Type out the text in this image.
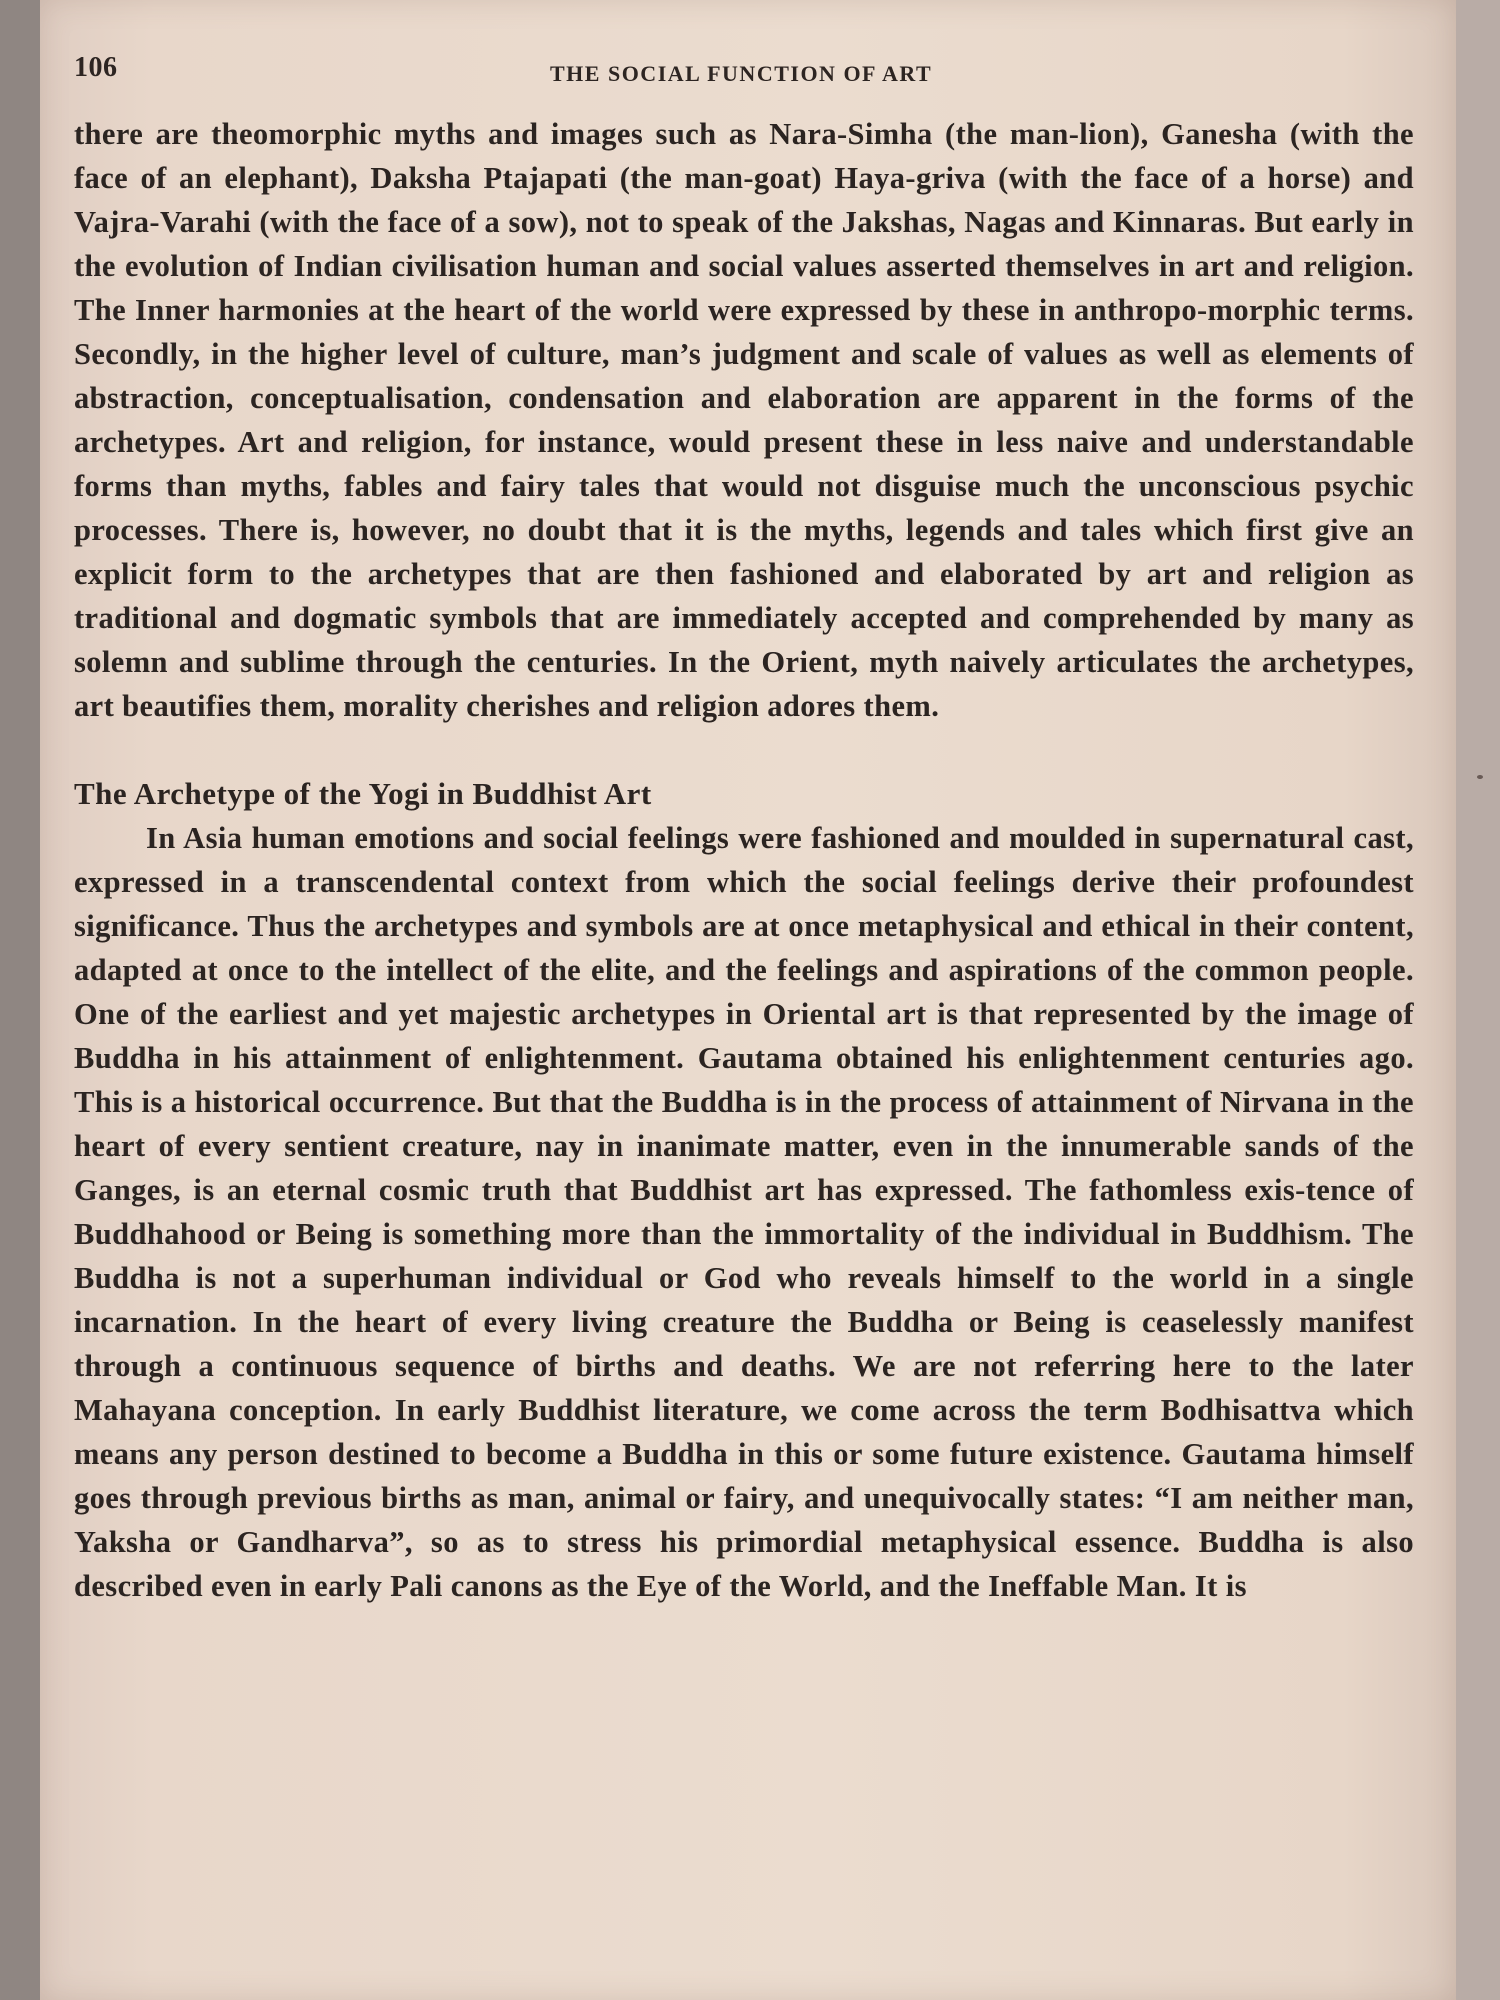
106	THE SOCIAL FUNCTION OF ART

there are theomorphic myths and images such as Nara-Simha (the man-lion), Ganesha (with the face of an elephant), Daksha Ptajapati (the man-goat) Haya-griva (with the face of a horse) and Vajra-Varahi (with the face of a sow), not to speak of the Jakshas, Nagas and Kinnaras. But early in the evolution of Indian civilisation human and social values asserted themselves in art and religion. The Inner harmonies at the heart of the world were expressed by these in anthropo-morphic terms. Secondly, in the higher level of culture, man’s judgment and scale of values as well as elements of abstraction, conceptualisation, condensation and elaboration are apparent in the forms of the archetypes. Art and religion, for instance, would present these in less naive and understandable forms than myths, fables and fairy tales that would not disguise much the unconscious psychic processes. There is, however, no doubt that it is the myths, legends and tales which first give an explicit form to the archetypes that are then fashioned and elaborated by art and religion as traditional and dogmatic symbols that are immediately accepted and comprehended by many as solemn and sublime through the centuries. In the Orient, myth naively articulates the archetypes, art beautifies them, morality cherishes and religion adores them.

The Archetype of the Yogi in Buddhist Art

In Asia human emotions and social feelings were fashioned and moulded in supernatural cast, expressed in a transcendental context from which the social feelings derive their profoundest significance. Thus the archetypes and symbols are at once metaphysical and ethical in their content, adapted at once to the intellect of the elite, and the feelings and aspirations of the common people. One of the earliest and yet majestic archetypes in Oriental art is that represented by the image of Buddha in his attainment of enlightenment. Gautama obtained his enlightenment centuries ago. This is a historical occurrence. But that the Buddha is in the process of attainment of Nirvana in the heart of every sentient creature, nay in inanimate matter, even in the innumerable sands of the Ganges, is an eternal cosmic truth that Buddhist art has expressed. The fathomless exis-tence of Buddhahood or Being is something more than the immortality of the individual in Buddhism. The Buddha is not a superhuman individual or God who reveals himself to the world in a single incarnation. In the heart of every living creature the Buddha or Being is ceaselessly manifest through a continuous sequence of births and deaths. We are not referring here to the later Mahayana conception. In early Buddhist literature, we come across the term Bodhisattva which means any person destined to become a Buddha in this or some future existence. Gautama himself goes through previous births as man, animal or fairy, and unequivocally states: “I am neither man, Yaksha or Gandharva”, so as to stress his primordial metaphysical essence. Buddha is also described even in early Pali canons as the Eye of the World, and the Ineffable Man. It is
